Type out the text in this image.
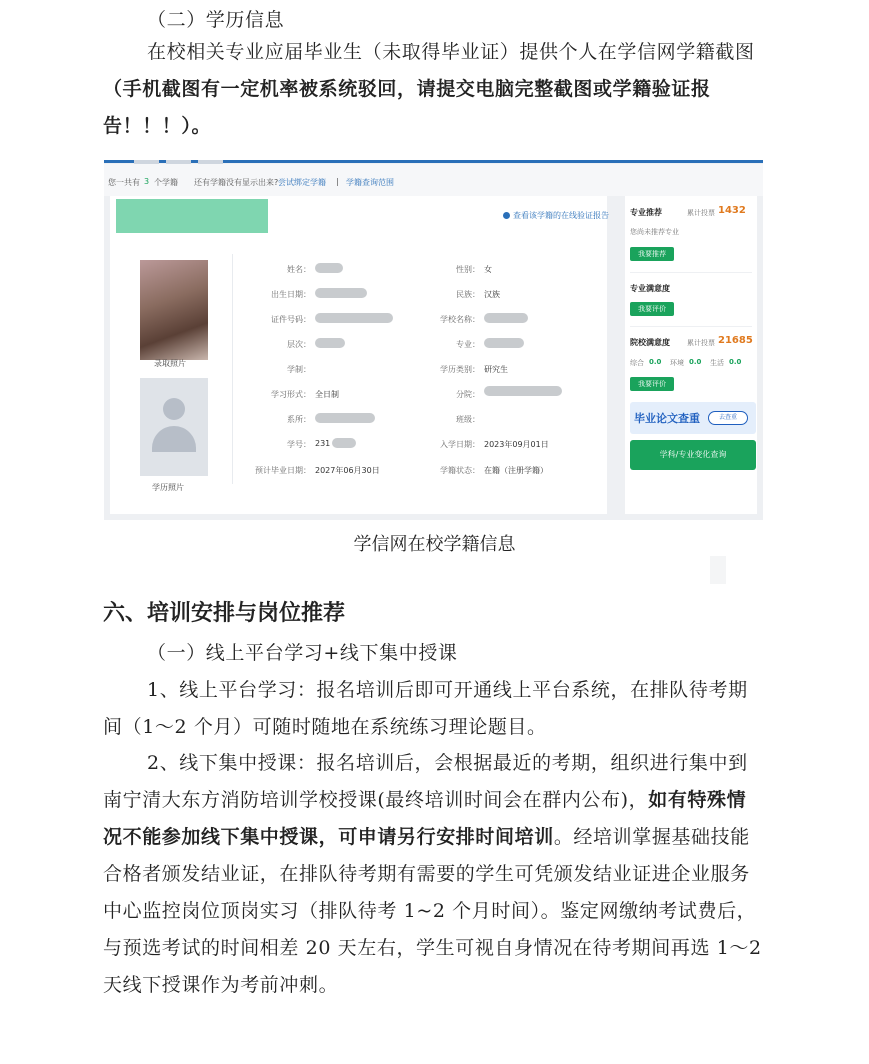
（二）学历信息
在校相关专业应届毕业生（未取得毕业证）提供个人在学信网学籍截图（手机截图有一定机率被系统驳回，请提交电脑完整截图或学籍验证报告！！！）。
您一共有 3 个学籍 还有学籍没有显示出来? 尝试绑定学籍 | 学籍查询范围
查看该学籍的在线验证报告
录取照片
学历照片
姓名：
出生日期：
证件号码：
层次：
学制：
学习形式： 全日制
系所：
学号： 231
预计毕业日期： 2027年06月30日
性别： 女
民族： 汉族
学校名称：
专业：
学历类别： 研究生
分院：
班级：
入学日期： 2023年09月01日
学籍状态： 在籍（注册学籍）
专业推荐	累计投票 1432
您尚未推荐专业
我要推荐
专业满意度
我要评价
院校满意度 累计投票 21685
综合 0.0 环境 0.0 生活 0.0
我要评价
毕业论文查重	去查重
学科/专业变化查询
学信网在校学籍信息
六、培训安排与岗位推荐
（一）线上平台学习+线下集中授课
1、线上平台学习：报名培训后即可开通线上平台系统，在排队待考期间（1～2 个月）可随时随地在系统练习理论题目。
2、线下集中授课：报名培训后，会根据最近的考期，组织进行集中到南宁清大东方消防培训学校授课(最终培训时间会在群内公布)，如有特殊情况不能参加线下集中授课，可申请另行安排时间培训。经培训掌握基础技能合格者颁发结业证，在排队待考期有需要的学生可凭颁发结业证进企业服务中心监控岗位顶岗实习（排队待考 1~2 个月时间）。鉴定网缴纳考试费后，与预选考试的时间相差 20 天左右，学生可视自身情况在待考期间再选 1～2 天线下授课作为考前冲刺。
